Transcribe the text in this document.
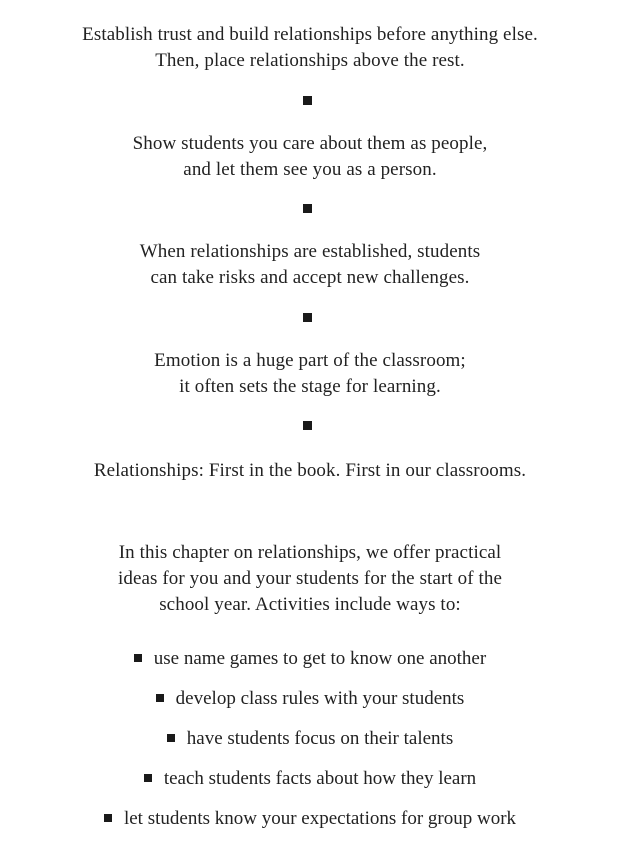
Establish trust and build relationships before anything else.
Then, place relationships above the rest.
Show students you care about them as people,
and let them see you as a person.
When relationships are established, students
can take risks and accept new challenges.
Emotion is a huge part of the classroom;
it often sets the stage for learning.
Relationships: First in the book. First in our classrooms.
In this chapter on relationships, we offer practical
ideas for you and your students for the start of the
school year. Activities include ways to:
use name games to get to know one another
develop class rules with your students
have students focus on their talents
teach students facts about how they learn
let students know your expectations for group work
